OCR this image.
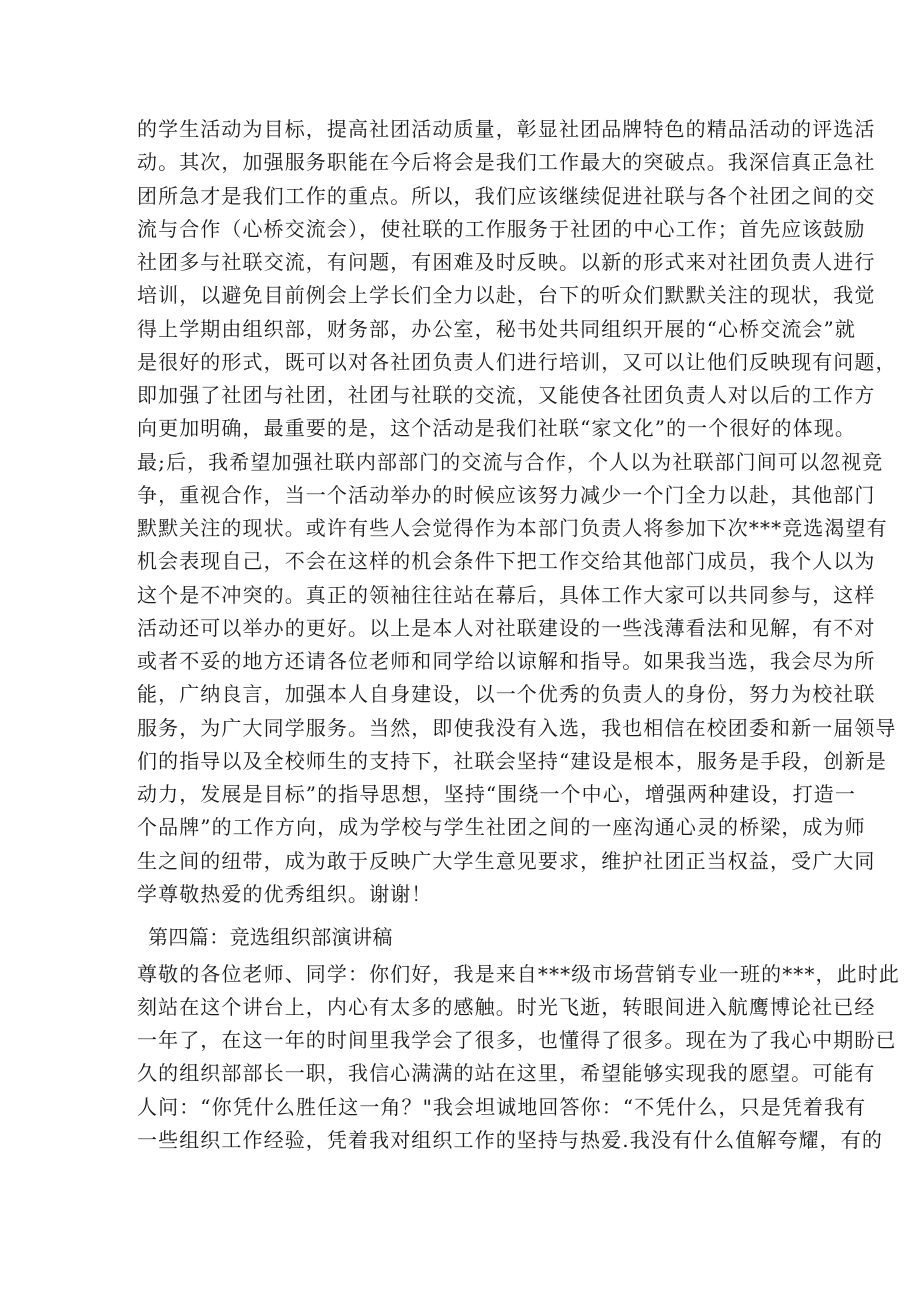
的学生活动为目标，提高社团活动质量，彰显社团品牌特色的精品活动的评选活
动。其次，加强服务职能在今后将会是我们工作最大的突破点。我深信真正急社
团所急才是我们工作的重点。所以，我们应该继续促进社联与各个社团之间的交
流与合作（心桥交流会），使社联的工作服务于社团的中心工作；首先应该鼓励
社团多与社联交流，有问题，有困难及时反映。以新的形式来对社团负责人进行
培训，以避免目前例会上学长们全力以赴，台下的听众们默默关注的现状，我觉
得上学期由组织部，财务部，办公室，秘书处共同组织开展的“心桥交流会”就
是很好的形式，既可以对各社团负责人们进行培训，又可以让他们反映现有问题，
即加强了社团与社团，社团与社联的交流，又能使各社团负责人对以后的工作方
向更加明确，最重要的是，这个活动是我们社联“家文化”的一个很好的体现。
最;后，我希望加强社联内部部门的交流与合作，个人以为社联部门间可以忽视竞
争，重视合作，当一个活动举办的时候应该努力减少一个门全力以赴，其他部门
默默关注的现状。或许有些人会觉得作为本部门负责人将参加下次***竞选渴望有
机会表现自己，不会在这样的机会条件下把工作交给其他部门成员，我个人以为
这个是不冲突的。真正的领袖往往站在幕后，具体工作大家可以共同参与，这样
活动还可以举办的更好。以上是本人对社联建设的一些浅薄看法和见解，有不对
或者不妥的地方还请各位老师和同学给以谅解和指导。如果我当选，我会尽为所
能，广纳良言，加强本人自身建设，以一个优秀的负责人的身份，努力为校社联
服务，为广大同学服务。当然，即使我没有入选，我也相信在校团委和新一届领导
们的指导以及全校师生的支持下，社联会坚持“建设是根本，服务是手段，创新是
动力，发展是目标”的指导思想，坚持“围绕一个中心，增强两种建设，打造一
个品牌”的工作方向，成为学校与学生社团之间的一座沟通心灵的桥梁，成为师
生之间的纽带，成为敢于反映广大学生意见要求，维护社团正当权益，受广大同
学尊敬热爱的优秀组织。谢谢！
第四篇：竞选组织部演讲稿
尊敬的各位老师、同学：你们好，我是来自***级市场营销专业一班的***，此时此
刻站在这个讲台上，内心有太多的感触。时光飞逝，转眼间进入航鹰博论社已经
一年了，在这一年的时间里我学会了很多，也懂得了很多。现在为了我心中期盼已
久的组织部部长一职，我信心满满的站在这里，希望能够实现我的愿望。可能有
人问：“你凭什么胜任这一角？"我会坦诚地回答你：“不凭什么，只是凭着我有
一些组织工作经验，凭着我对组织工作的坚持与热爱.我没有什么值解夸耀，有的
